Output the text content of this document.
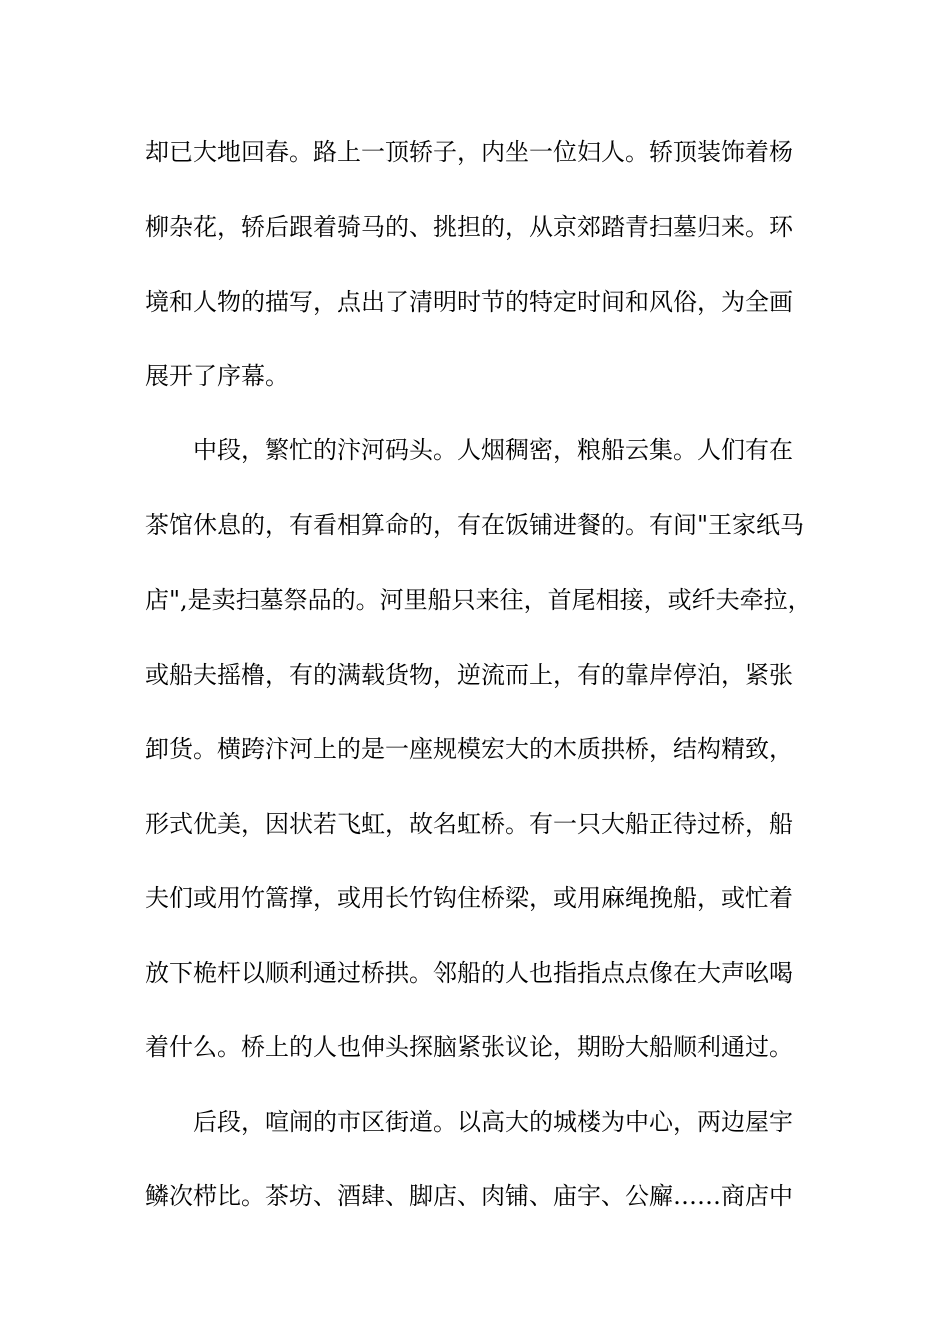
却已大地回春。路上一顶轿子，内坐一位妇人。轿顶装饰着杨
柳杂花，轿后跟着骑马的、挑担的，从京郊踏青扫墓归来。环
境和人物的描写，点出了清明时节的特定时间和风俗，为全画
展开了序幕。
中段，繁忙的汴河码头。人烟稠密，粮船云集。人们有在
茶馆休息的，有看相算命的，有在饭铺进餐的。有间"王家纸马
店",是卖扫墓祭品的。河里船只来往，首尾相接，或纤夫牵拉，
或船夫摇橹，有的满载货物，逆流而上，有的靠岸停泊，紧张
卸货。横跨汴河上的是一座规模宏大的木质拱桥，结构精致，
形式优美，因状若飞虹，故名虹桥。有一只大船正待过桥，船
夫们或用竹篙撑，或用长竹钩住桥梁，或用麻绳挽船，或忙着
放下桅杆以顺利通过桥拱。邻船的人也指指点点像在大声吆喝
着什么。桥上的人也伸头探脑紧张议论，期盼大船顺利通过。
后段，喧闹的市区街道。以高大的城楼为中心，两边屋宇
鳞次栉比。茶坊、酒肆、脚店、肉铺、庙宇、公廨……商店中
